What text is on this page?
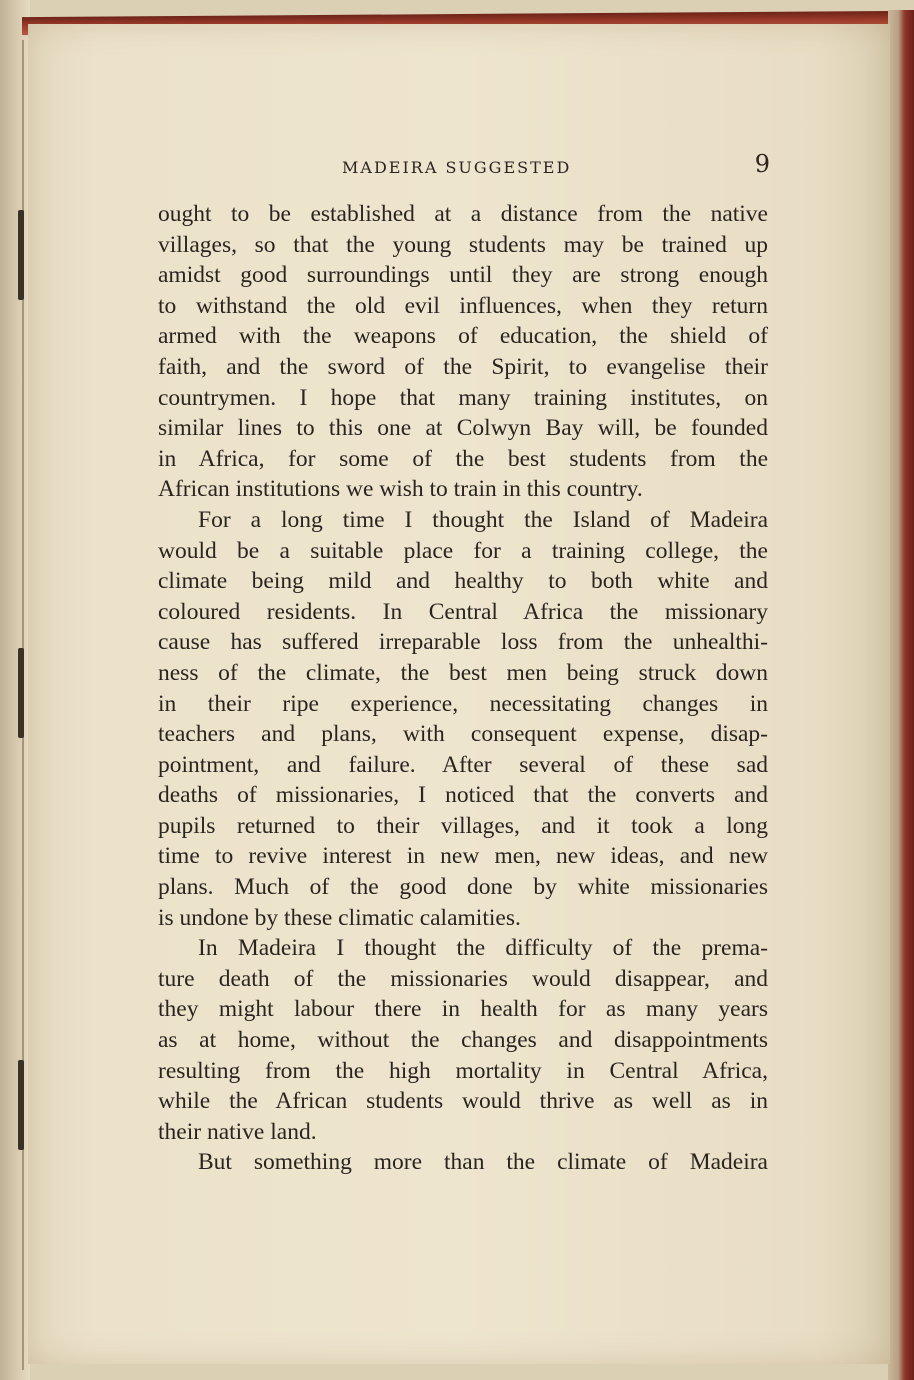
MADEIRA SUGGESTED	9
ought to be established at a distance from the native
villages, so that the young students may be trained up
amidst good surroundings until they are strong enough
to withstand the old evil influences, when they return
armed with the weapons of education, the shield of
faith, and the sword of the Spirit, to evangelise their
countrymen. I hope that many training institutes, on
similar lines to this one at Colwyn Bay will, be founded
in Africa, for some of the best students from the
African institutions we wish to train in this country.
For a long time I thought the Island of Madeira
would be a suitable place for a training college, the
climate being mild and healthy to both white and
coloured residents. In Central Africa the missionary
cause has suffered irreparable loss from the unhealthi-
ness of the climate, the best men being struck down
in their ripe experience, necessitating changes in
teachers and plans, with consequent expense, disap-
pointment, and failure. After several of these sad
deaths of missionaries, I noticed that the converts and
pupils returned to their villages, and it took a long
time to revive interest in new men, new ideas, and new
plans. Much of the good done by white missionaries
is undone by these climatic calamities.
In Madeira I thought the difficulty of the prema-
ture death of the missionaries would disappear, and
they might labour there in health for as many years
as at home, without the changes and disappointments
resulting from the high mortality in Central Africa,
while the African students would thrive as well as in
their native land.
But something more than the climate of Madeira
